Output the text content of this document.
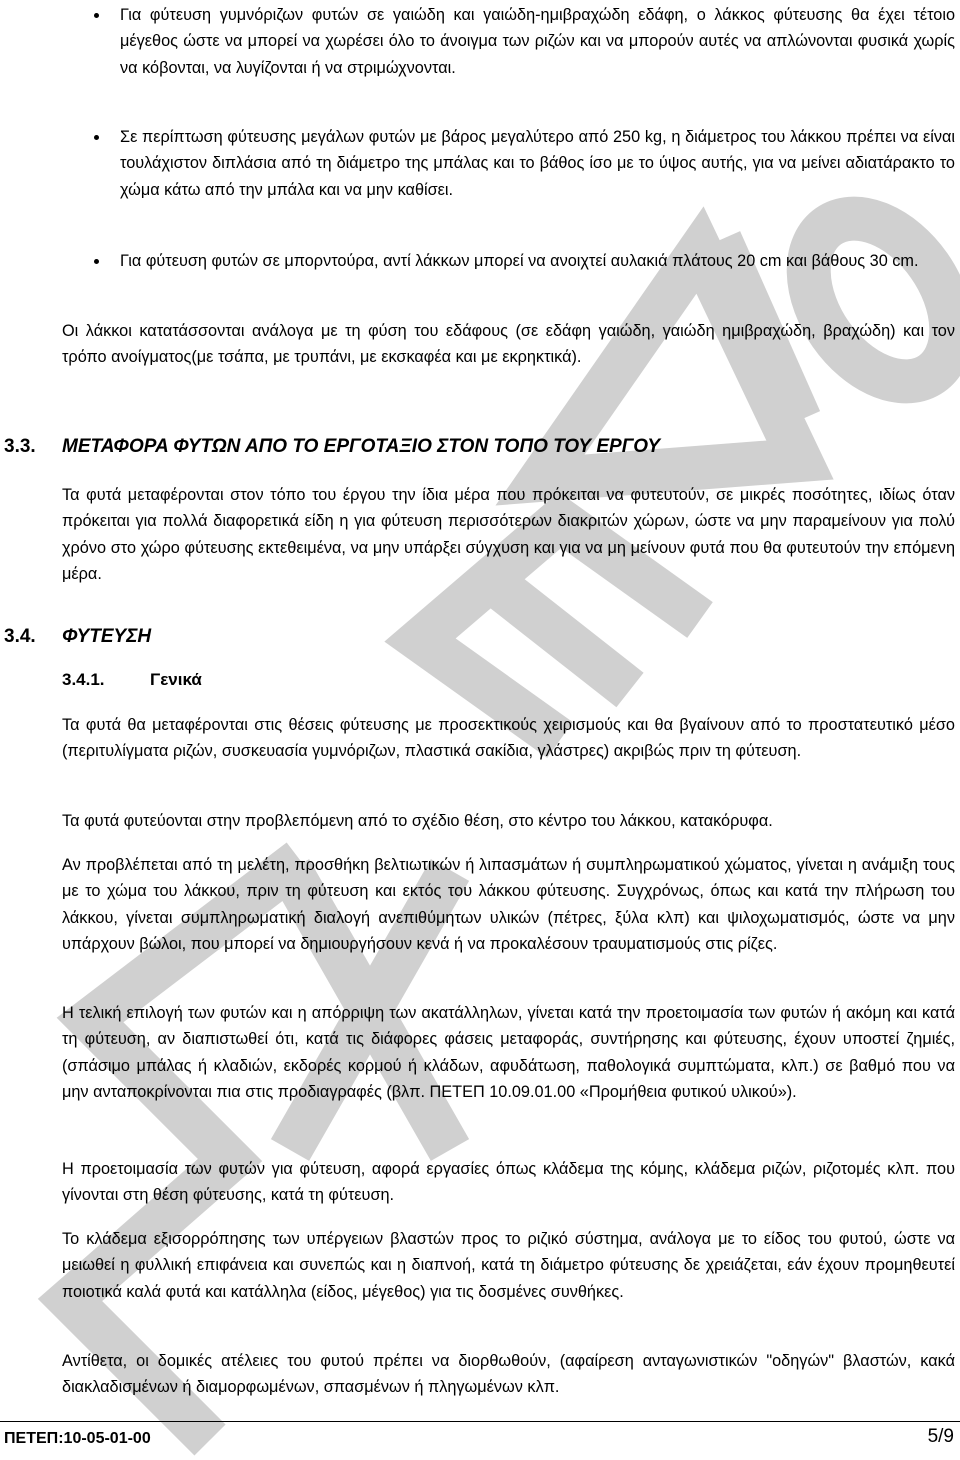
Για φύτευση γυμνόριζων φυτών σε γαιώδη και γαιώδη-ημιβραχώδη εδάφη, ο λάκκος φύτευσης θα έχει τέτοιο μέγεθος ώστε να μπορεί να χωρέσει όλο το άνοιγμα των ριζών και να μπορούν αυτές να απλώνονται φυσικά χωρίς να κόβονται, να λυγίζονται ή να στριμώχνονται.
Σε περίπτωση φύτευσης μεγάλων φυτών με βάρος μεγαλύτερο από 250 kg, η διάμετρος του λάκκου πρέπει να είναι τουλάχιστον διπλάσια από τη διάμετρο της μπάλας και το βάθος ίσο με το ύψος αυτής, για να μείνει αδιατάρακτο το χώμα κάτω από την μπάλα και να μην καθίσει.
Για φύτευση φυτών σε μπορντούρα, αντί λάκκων μπορεί να ανοιχτεί αυλακιά πλάτους 20 cm και βάθους 30 cm.
Οι λάκκοι κατατάσσονται ανάλογα με τη φύση του εδάφους (σε εδάφη γαιώδη, γαιώδη ημιβραχώδη, βραχώδη) και τον τρόπο ανοίγματος(με τσάπα, με τρυπάνι, με εκσκαφέα και με εκρηκτικά).
3.3. ΜΕΤΑΦΟΡΑ ΦΥΤΩΝ ΑΠΟ ΤΟ ΕΡΓΟΤΑΞΙΟ ΣΤΟΝ ΤΟΠΟ ΤΟΥ ΕΡΓΟΥ
Τα φυτά μεταφέρονται στον τόπο του έργου την ίδια μέρα που πρόκειται να φυτευτούν, σε μικρές ποσότητες, ιδίως όταν πρόκειται για πολλά διαφορετικά είδη η για φύτευση περισσότερων διακριτών χώρων, ώστε να μην παραμείνουν για πολύ χρόνο στο χώρο φύτευσης εκτεθειμένα, να μην υπάρξει σύγχυση και για να μη μείνουν φυτά που θα φυτευτούν την επόμενη μέρα.
3.4. ΦΥΤΕΥΣΗ
3.4.1.	Γενικά
Τα φυτά θα μεταφέρονται στις θέσεις φύτευσης με προσεκτικούς χειρισμούς και θα βγαίνουν από το προστατευτικό μέσο (περιτυλίγματα ριζών, συσκευασία γυμνόριζων, πλαστικά σακίδια, γλάστρες) ακριβώς πριν τη φύτευση.
Τα φυτά φυτεύονται στην προβλεπόμενη από το σχέδιο θέση, στο κέντρο του λάκκου, κατακόρυφα.
Αν προβλέπεται από τη μελέτη, προσθήκη βελτιωτικών ή λιπασμάτων ή συμπληρωματικού χώματος, γίνεται η ανάμιξη τους με το χώμα του λάκκου, πριν τη φύτευση και εκτός του λάκκου φύτευσης. Συγχρόνως, όπως και κατά την πλήρωση του λάκκου, γίνεται συμπληρωματική διαλογή ανεπιθύμητων υλικών (πέτρες, ξύλα κλπ) και ψιλοχωματισμός, ώστε να μην υπάρχουν βώλοι, που μπορεί να δημιουργήσουν κενά ή να προκαλέσουν τραυματισμούς στις ρίζες.
Η τελική επιλογή των φυτών και η απόρριψη των ακατάλληλων, γίνεται κατά την προετοιμασία των φυτών ή ακόμη και κατά τη φύτευση, αν διαπιστωθεί ότι, κατά τις διάφορες φάσεις μεταφοράς, συντήρησης και φύτευσης, έχουν υποστεί ζημιές, (σπάσιμο μπάλας ή κλαδιών, εκδορές κορμού ή κλάδων, αφυδάτωση, παθολογικά συμπτώματα, κλπ.) σε βαθμό που να μην ανταποκρίνονται πια στις προδιαγραφές (βλπ. ΠΕΤΕΠ 10.09.01.00 «Προμήθεια φυτικού υλικού»).
Η προετοιμασία των φυτών για φύτευση, αφορά εργασίες όπως κλάδεμα της κόμης, κλάδεμα ριζών, ριζοτομές κλπ. που γίνονται στη θέση φύτευσης, κατά τη φύτευση.
Το κλάδεμα εξισορρόπησης των υπέργειων βλαστών προς το ριζικό σύστημα, ανάλογα με το είδος του φυτού, ώστε να μειωθεί η φυλλική επιφάνεια και συνεπώς και η διαπνοή, κατά τη διάμετρο φύτευσης δε χρειάζεται, εάν έχουν προμηθευτεί ποιοτικά καλά φυτά και κατάλληλα (είδος, μέγεθος) για τις δοσμένες συνθήκες.
Αντίθετα, οι δομικές ατέλειες του φυτού πρέπει να διορθωθούν, (αφαίρεση ανταγωνιστικών "οδηγών" βλαστών, κακά διακλαδισμένων ή διαμορφωμένων, σπασμένων ή πληγωμένων κλπ.
ΠΕΤΕΠ:10-05-01-00	5/9
